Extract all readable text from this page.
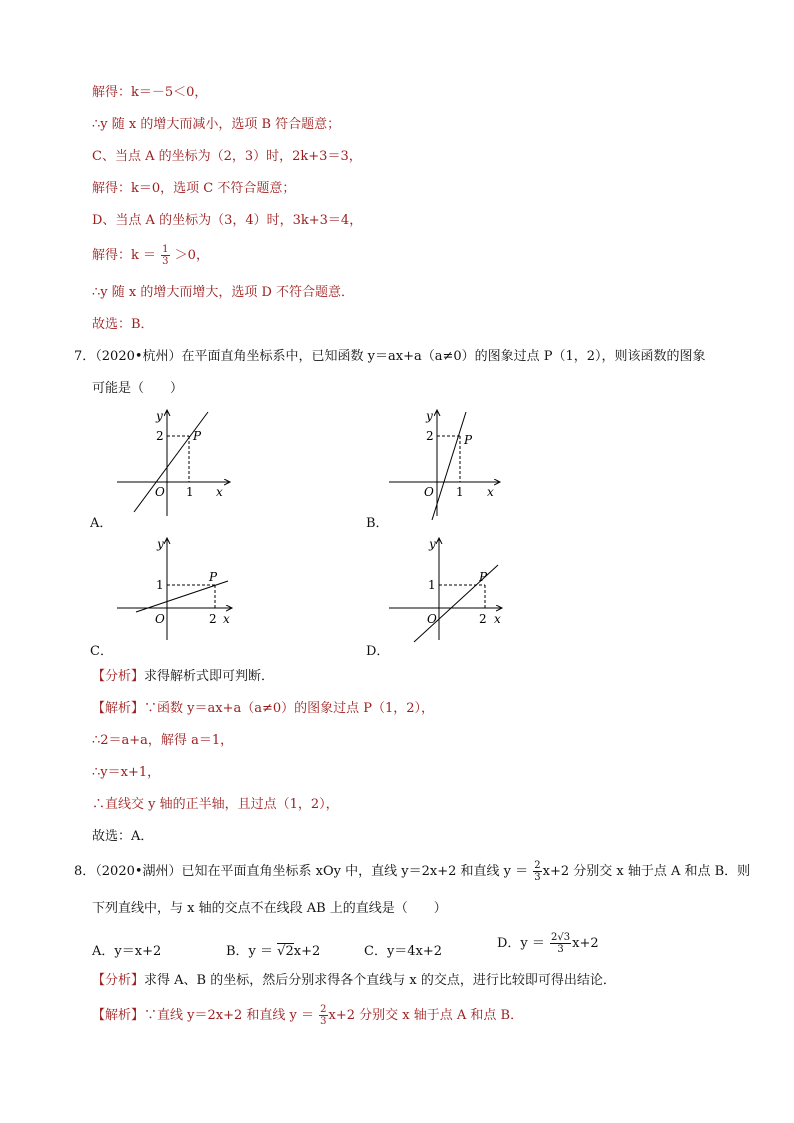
解得：k＝－5＜0，
∴y 随 x 的增大而减小，选项 B 符合题意；
C、当点 A 的坐标为（2，3）时，2k+3＝3，
解得：k＝0，选项 C 不符合题意；
D、当点 A 的坐标为（3，4）时，3k+3＝4，
解得：$k = \frac{1}{3} >0$，
∴y 随 x 的增大而增大，选项 D 不符合题意．
故选：B．
7．（2020•杭州）在平面直角坐标系中，已知函数 y＝ax+a（a≠0）的图象过点 P（1，2），则该函数的图象
可能是（　　）
y
2 P
O 1 x
A．
y
2	P
O 1 x
B．
y
1
P
O	2 x
C．
y
1
P
O	2 x
D．
【分析】求得解析式即可判断．
【解析】∵函数 y＝ax+a（a≠0）的图象过点 P（1，2），
∴2＝a+a，解得 a＝1，
∴y＝x+1，
∴直线交 y 轴的正半轴，且过点（1，2），
故选：A．
8．（2020•湖州）已知在平面直角坐标系 xOy 中，直线 y＝2x+2 和直线 $y = \frac{2}{3} x+2$ 分别交 x 轴于点 A 和点 B．则
下列直线中，与 x 轴的交点不在线段 AB 上的直线是（　　）
A．y＝x+2	B．y ＝ √2x+2	C．y＝4x+2
D．$y = \frac{2√3}{3} x+2$
【分析】求得 A、B 的坐标，然后分别求得各个直线与 x 的交点，进行比较即可得出结论．
【解析】∵直线 y＝2x+2 和直线 $y = \frac{2}{3} x+2$ 分别交 x 轴于点 A 和点 B．
